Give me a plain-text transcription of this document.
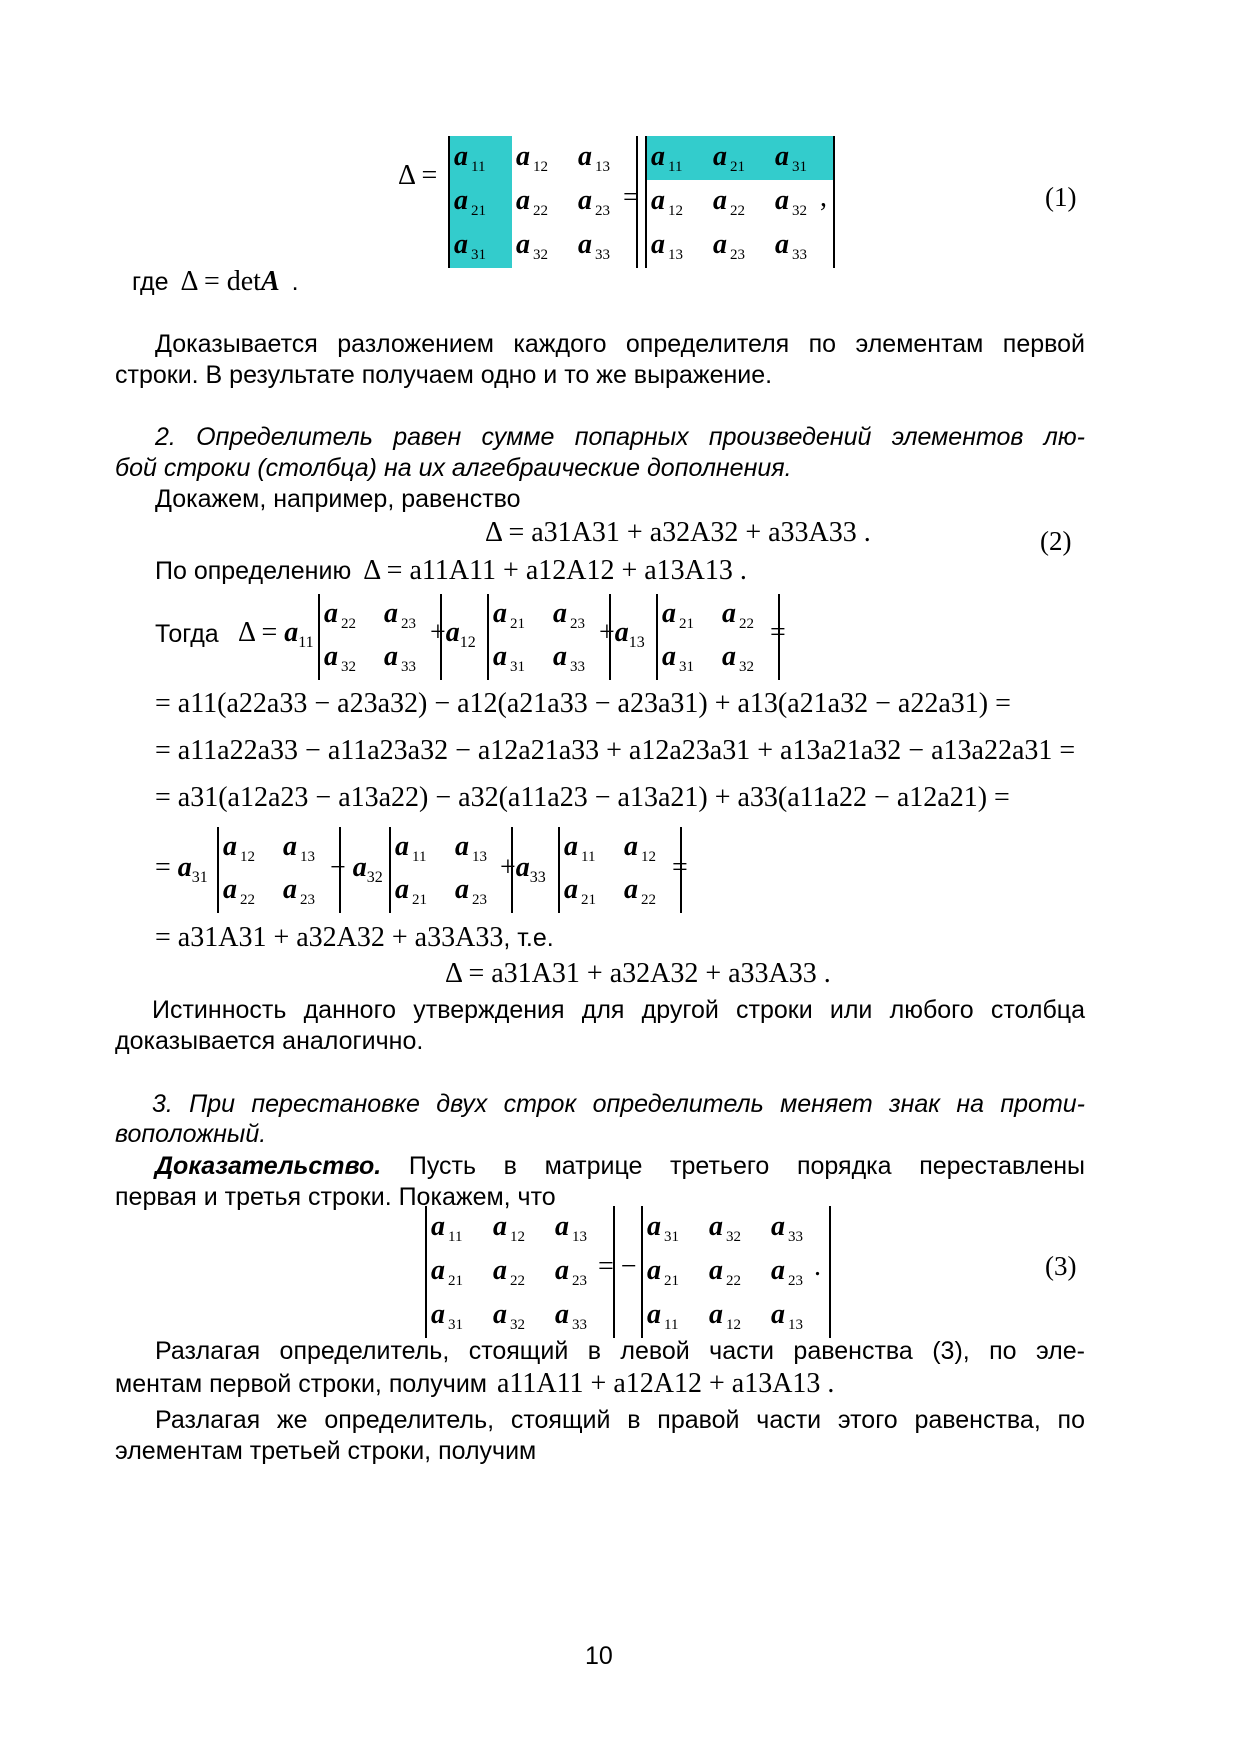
Δ =
a $_{11}$	a $_{12}$	a $_{13}$
a $_{21}$	a $_{22}$	a $_{23}$
a $_{31}$	a $_{32}$	a $_{33}$
=
a $_{11}$	a $_{21}$	a $_{31}$
a $_{12}$	a $_{22}$	a $_{32}$
a $_{13}$	a $_{23}$	a $_{33}$
,	(1)
где Δ = detA .
Доказывается разложением каждого определителя по элементам первой
строки. В результате получаем одно и то же выражение.
2. Определитель равен сумме попарных произведений элементов лю-
бой строки (столбца) на их алгебраические дополнения.
Докажем, например, равенство
Δ = a31A31 + a32A32 + a33A33 .	(2)
По определению Δ = a11A11 + a12A12 + a13A13 .
Тогда $\Delta = a_{11}$
a $_{22}$	a $_{23}$
a $_{32}$	a $_{33}$
$+a_{12}$
a $_{21}$	a $_{23}$
a $_{31}$	a $_{33}$
$+a_{13}$
a $_{21}$	a $_{22}$
a $_{31}$	a $_{32}$
=
= a11(a22a33 − a23a32) − a12(a21a33 − a23a31) + a13(a21a32 − a22a31) =
= a11a22a33 − a11a23a32 − a12a21a33 + a12a23a31 + a13a21a32 − a13a22a31 =
= a31(a12a23 − a13a22) − a32(a11a23 − a13a21) + a33(a11a22 − a12a21) =
= $a_{31}$
a $_{12}$	a $_{13}$
a $_{22}$	a $_{23}$
− $a_{32}$
a $_{11}$	a $_{13}$
a $_{21}$	a $_{23}$
$+a_{33}$
a $_{11}$	a $_{12}$
a $_{21}$	a $_{22}$
=
= a31A31 + a32A32 + a33A33, т.е.
Δ = a31A31 + a32A32 + a33A33 .
Истинность данного утверждения для другой строки или любого столбца
доказывается аналогично.
3. При перестановке двух строк определитель меняет знак на проти-
воположный.
Доказательство. Пусть в матрице третьего порядка переставлены
первая и третья строки. Покажем, что
a $_{11}$	a $_{12}$	a $_{13}$
a $_{21}$	a $_{22}$	a $_{23}$
a $_{31}$	a $_{32}$	a $_{33}$
= −
a $_{31}$	a $_{32}$	a $_{33}$
a $_{21}$	a $_{22}$	a $_{23}$
a $_{11}$	a $_{12}$	a $_{13}$
.	(3)
Разлагая определитель, стоящий в левой части равенства (3), по эле-
ментам первой строки, получим a11A11 + a12A12 + a13A13 .
Разлагая же определитель, стоящий в правой части этого равенства, по
элементам третьей строки, получим
10
